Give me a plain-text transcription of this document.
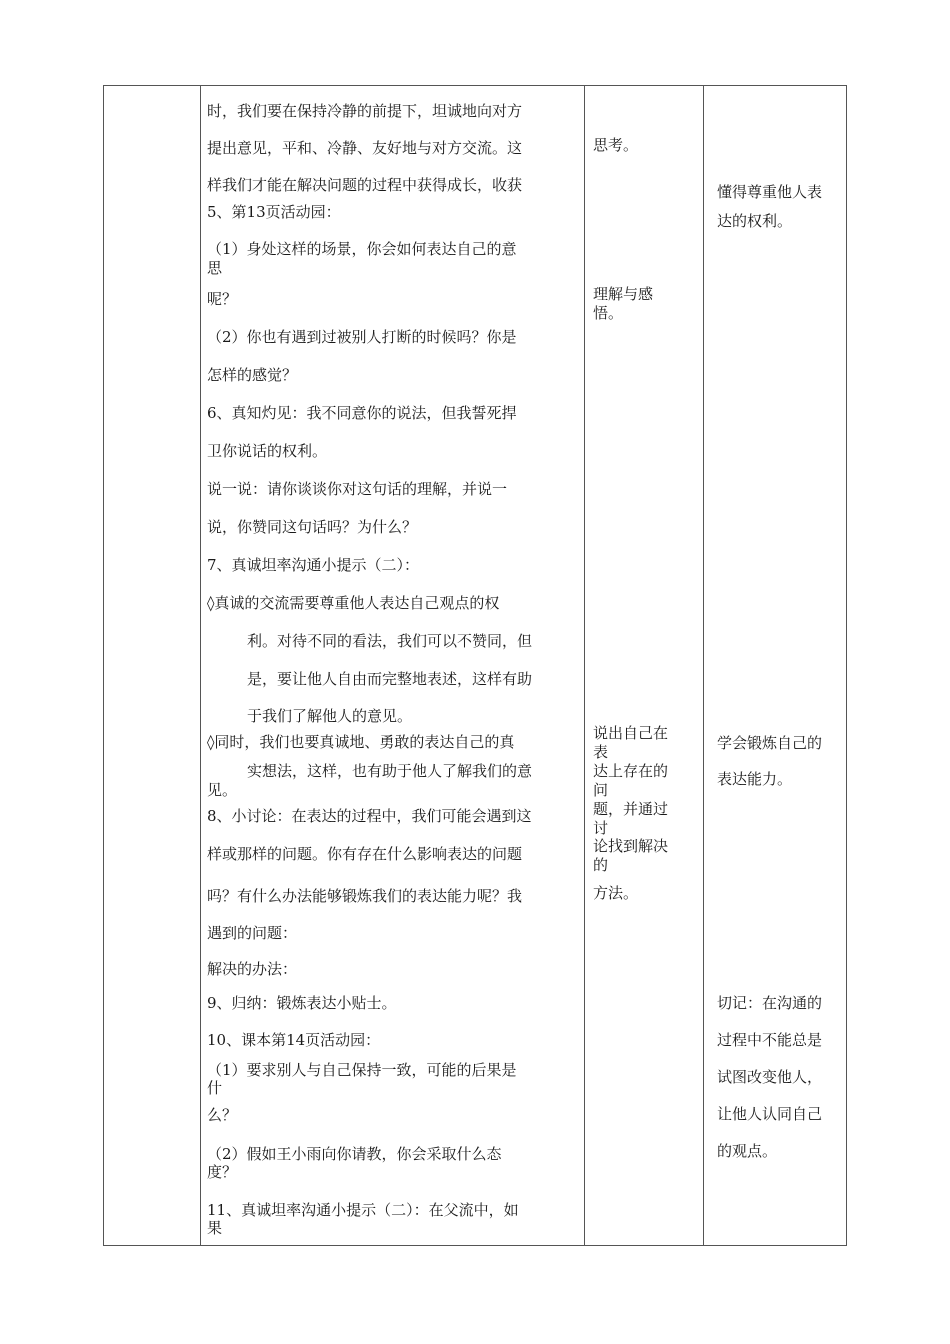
时，我们要在保持冷静的前提下，坦诚地向对方
提出意见，平和、冷静、友好地与对方交流。这
样我们才能在解决问题的过程中获得成长，收获
5、第13页活动园：
（1）身处这样的场景，你会如何表达自己的意
思
呢？
（2）你也有遇到过被别人打断的时候吗？你是
怎样的感觉？
6、真知灼见：我不同意你的说法，但我誓死捍
卫你说话的权利。
说一说：请你谈谈你对这句话的理解，并说一
说，你赞同这句话吗？为什么？
7、真诚坦率沟通小提示（二）：
◊真诚的交流需要尊重他人表达自己观点的权
利。对待不同的看法，我们可以不赞同，但
是，要让他人自由而完整地表述，这样有助
于我们了解他人的意见。
◊同时，我们也要真诚地、勇敢的表达自己的真
实想法，这样，也有助于他人了解我们的意
见。
8、小讨论：在表达的过程中，我们可能会遇到这
样或那样的问题。你有存在什么影响表达的问题
吗？有什么办法能够锻炼我们的表达能力呢？我
遇到的问题：
解决的办法：
9、归纳：锻炼表达小贴士。
10、课本第14页活动园：
（1）要求别人与自己保持一致，可能的后果是
什
么？
（2）假如王小雨向你请教，你会采取什么态
度？
11、真诚坦率沟通小提示（二）：在父流中，如
果
思考。
理解与感
悟。
说出自己在
表
达上存在的
问
题，并通过
讨
论找到解决
的
方法。
懂得尊重他人表
达的权利。
学会锻炼自己的
表达能力。
切记：在沟通的
过程中不能总是
试图改变他人，
让他人认同自己
的观点。
